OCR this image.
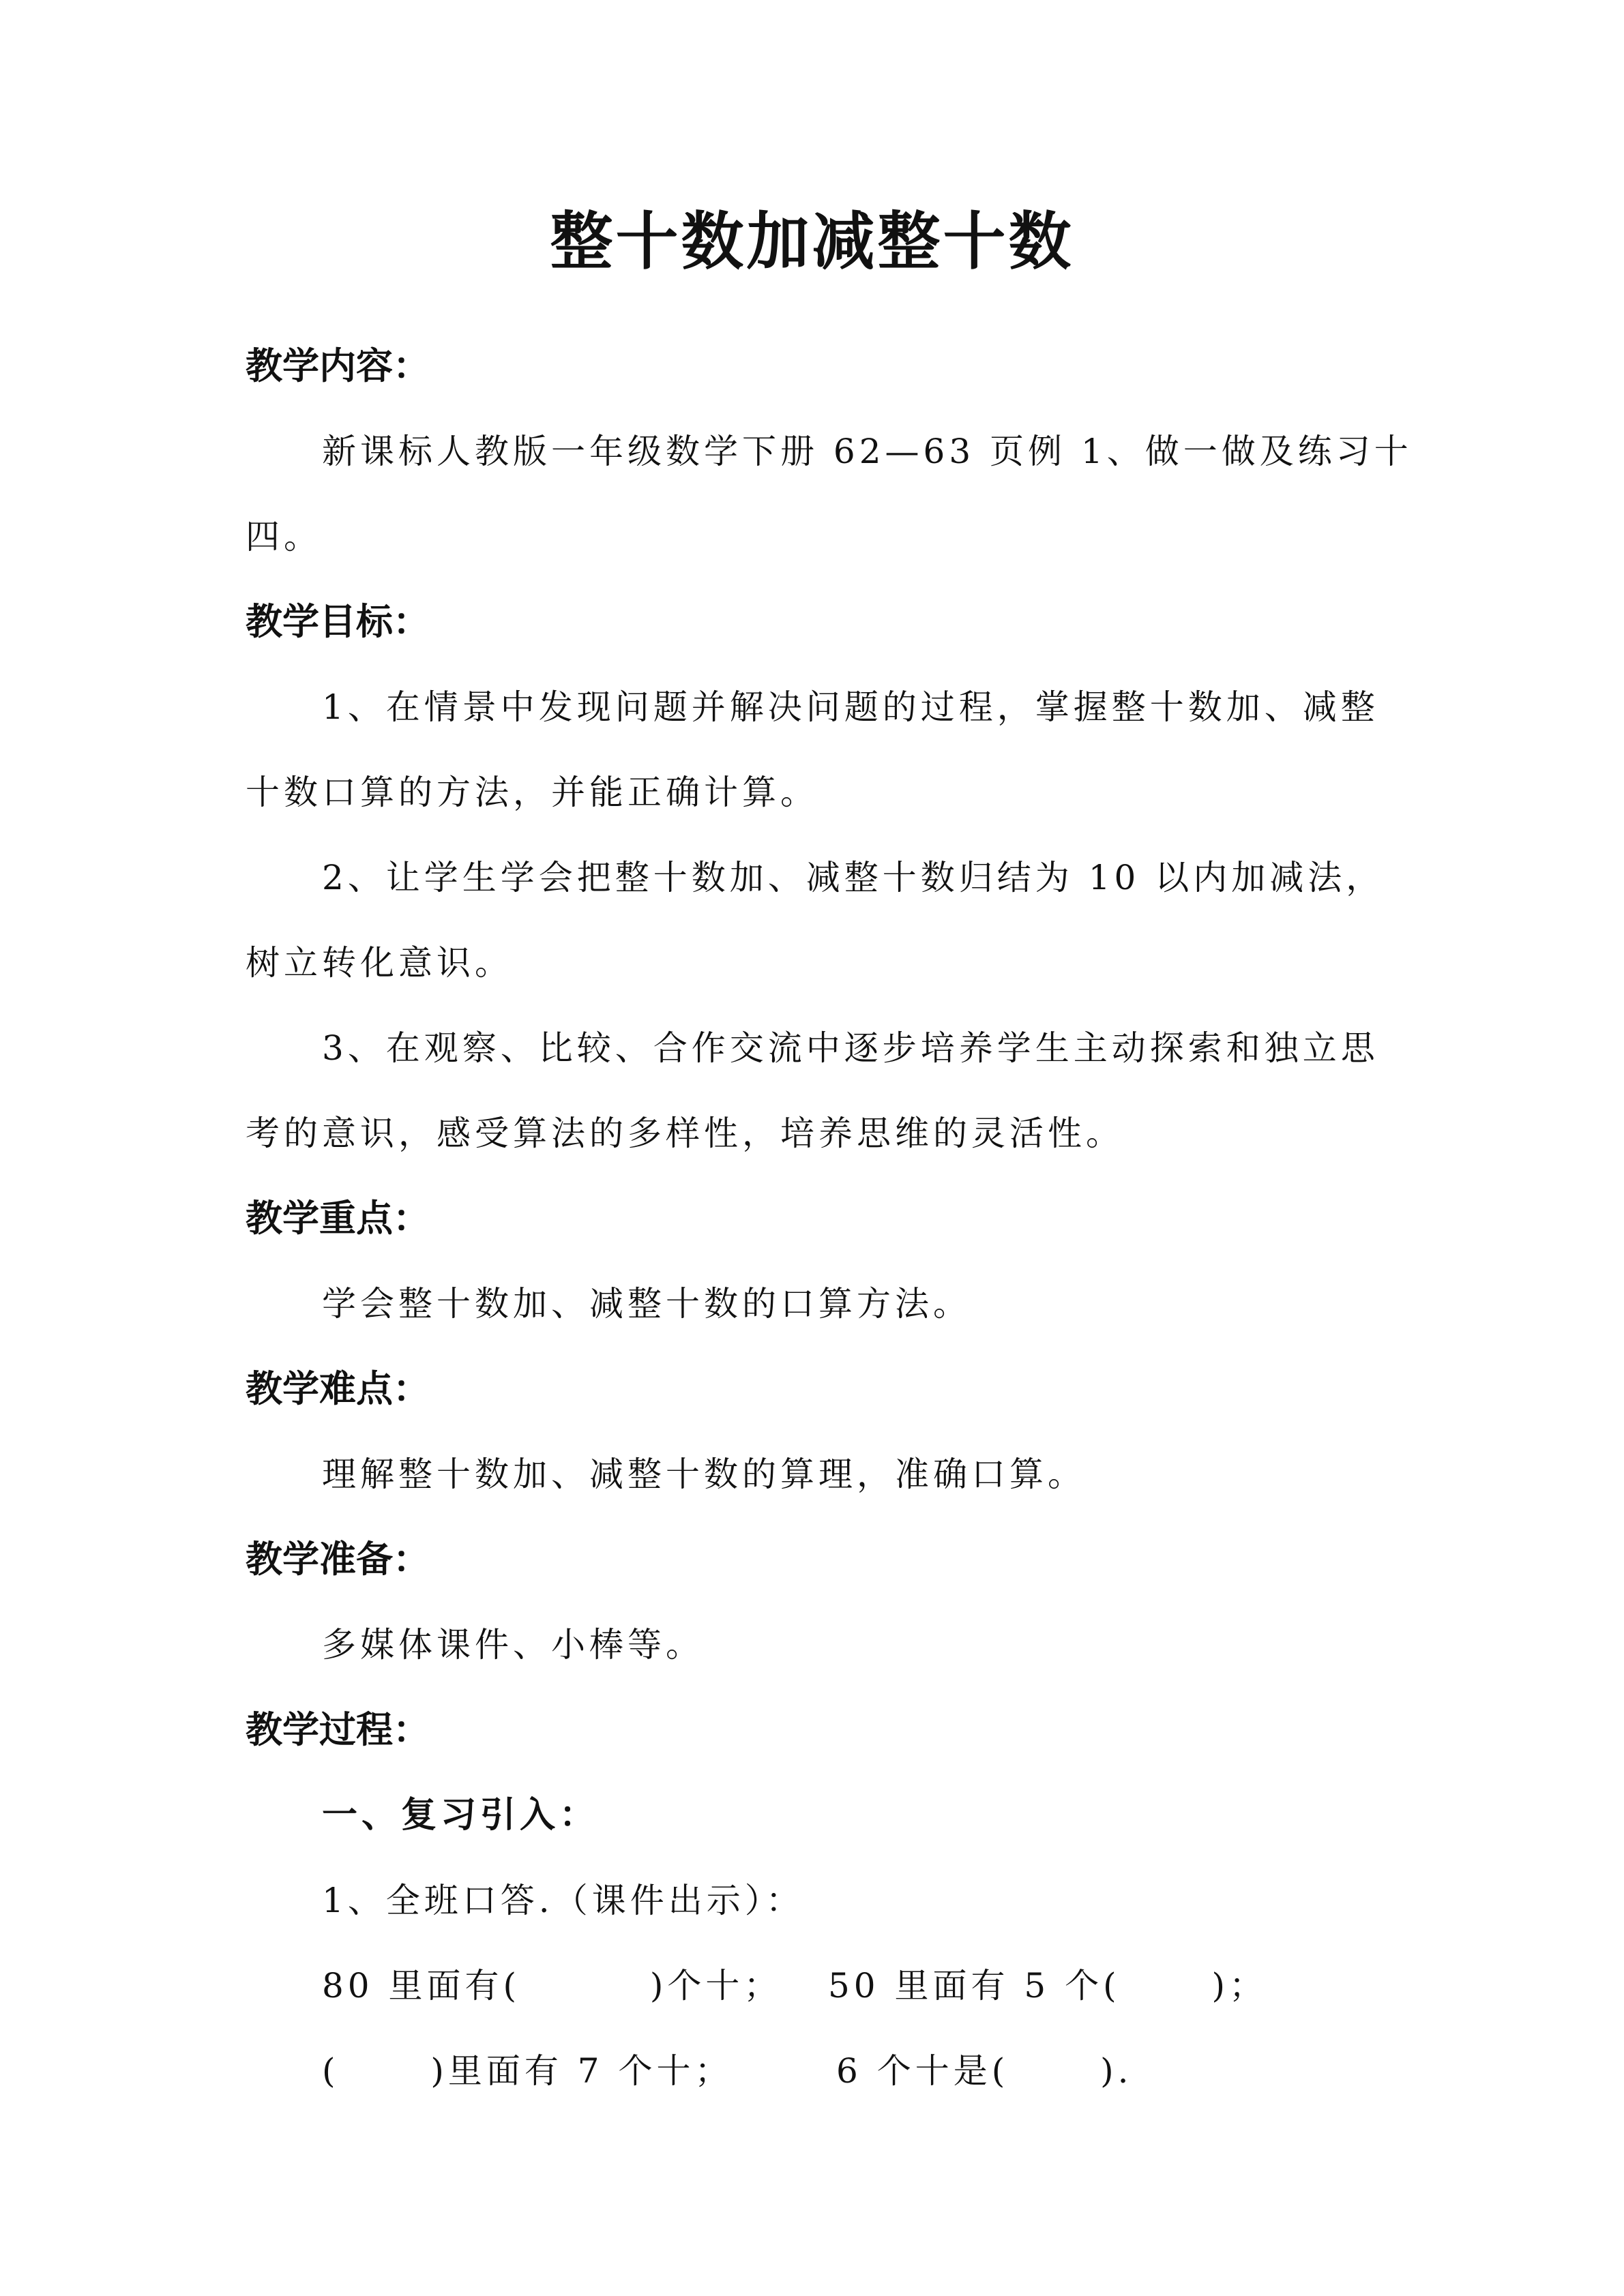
整十数加减整十数
教学内容：
新课标人教版一年级数学下册 62—63 页例 1、做一做及练习十
四。
教学目标：
1、在情景中发现问题并解决问题的过程，掌握整十数加、减整
十数口算的方法，并能正确计算。
2、让学生学会把整十数加、减整十数归结为 10 以内加减法，
树立转化意识。
3、在观察、比较、合作交流中逐步培养学生主动探索和独立思
考的意识，感受算法的多样性，培养思维的灵活性。
教学重点：
学会整十数加、减整十数的口算方法。
教学难点：
理解整十数加、减整十数的算理，准确口算。
教学准备：
多媒体课件、小棒等。
教学过程：
一、复习引入：
1、全班口答.（课件出示）：
80 里面有(　　　 )个十； 50 里面有 5 个(　　 )；
(　　 )里面有 7 个十；	6 个十是(　　 ).
